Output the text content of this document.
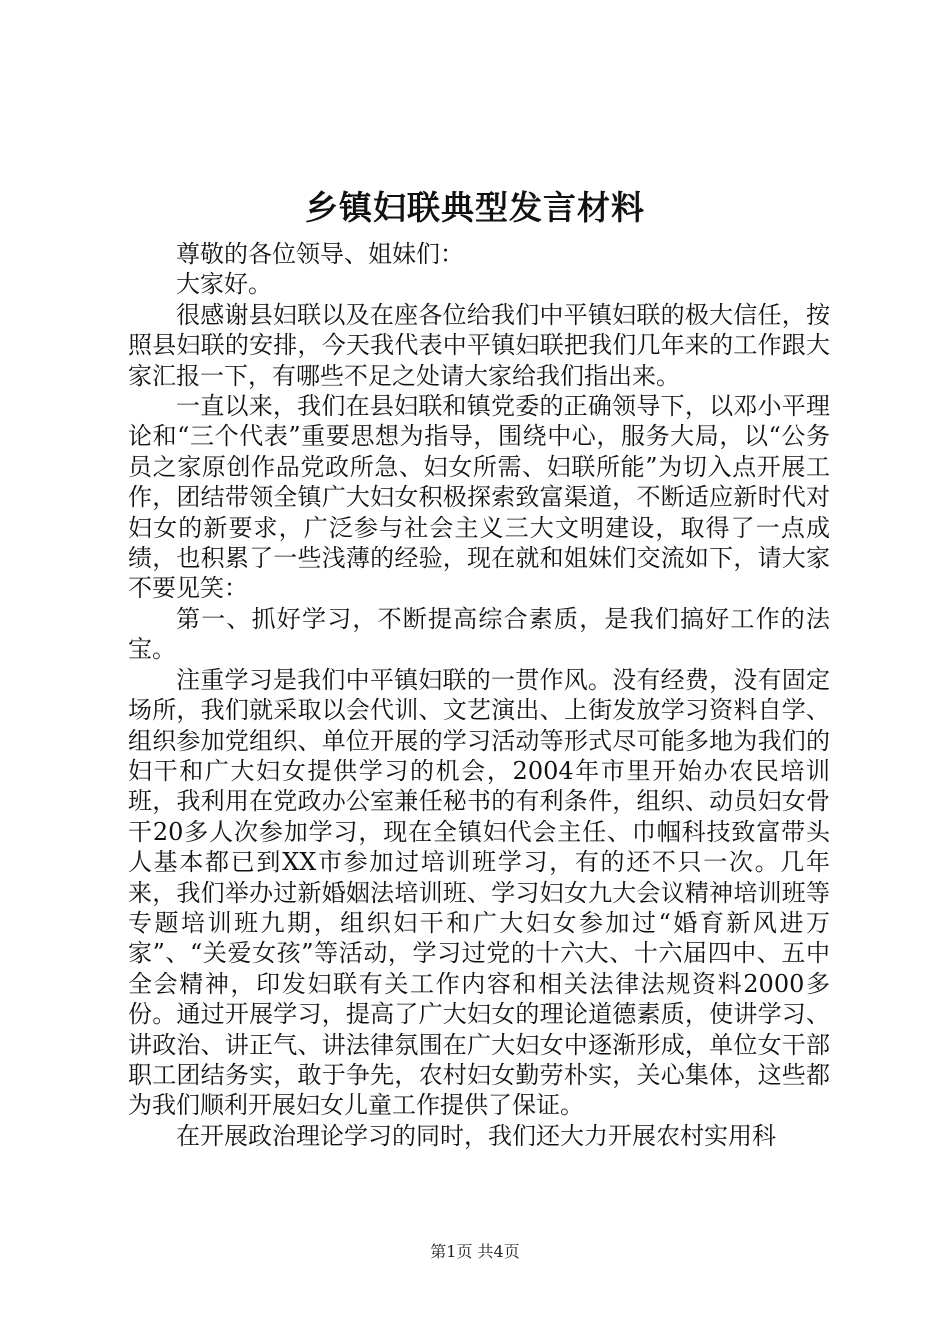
乡镇妇联典型发言材料

尊敬的各位领导、姐妹们：

大家好。

很感谢县妇联以及在座各位给我们中平镇妇联的极大信任，按照县妇联的安排，今天我代表中平镇妇联把我们几年来的工作跟大家汇报一下，有哪些不足之处请大家给我们指出来。

一直以来，我们在县妇联和镇党委的正确领导下，以邓小平理论和“三个代表”重要思想为指导，围绕中心，服务大局，以“公务员之家原创作品党政所急、妇女所需、妇联所能”为切入点开展工作，团结带领全镇广大妇女积极探索致富渠道，不断适应新时代对妇女的新要求，广泛参与社会主义三大文明建设，取得了一点成绩，也积累了一些浅薄的经验，现在就和姐妹们交流如下，请大家不要见笑：

第一、抓好学习，不断提高综合素质，是我们搞好工作的法宝。

注重学习是我们中平镇妇联的一贯作风。没有经费，没有固定场所，我们就采取以会代训、文艺演出、上街发放学习资料自学、组织参加党组织、单位开展的学习活动等形式尽可能多地为我们的妇干和广大妇女提供学习的机会，2004年市里开始办农民培训班，我利用在党政办公室兼任秘书的有利条件，组织、动员妇女骨干20多人次参加学习，现在全镇妇代会主任、巾帼科技致富带头人基本都已到XX市参加过培训班学习，有的还不只一次。几年来，我们举办过新婚姻法培训班、学习妇女九大会议精神培训班等专题培训班九期，组织妇干和广大妇女参加过“婚育新风进万家”、“关爱女孩”等活动，学习过党的十六大、十六届四中、五中全会精神，印发妇联有关工作内容和相关法律法规资料2000多份。通过开展学习，提高了广大妇女的理论道德素质，使讲学习、讲政治、讲正气、讲法律氛围在广大妇女中逐渐形成，单位女干部职工团结务实，敢于争先，农村妇女勤劳朴实，关心集体，这些都为我们顺利开展妇女儿童工作提供了保证。

在开展政治理论学习的同时，我们还大力开展农村实用科

第1页 共4页
